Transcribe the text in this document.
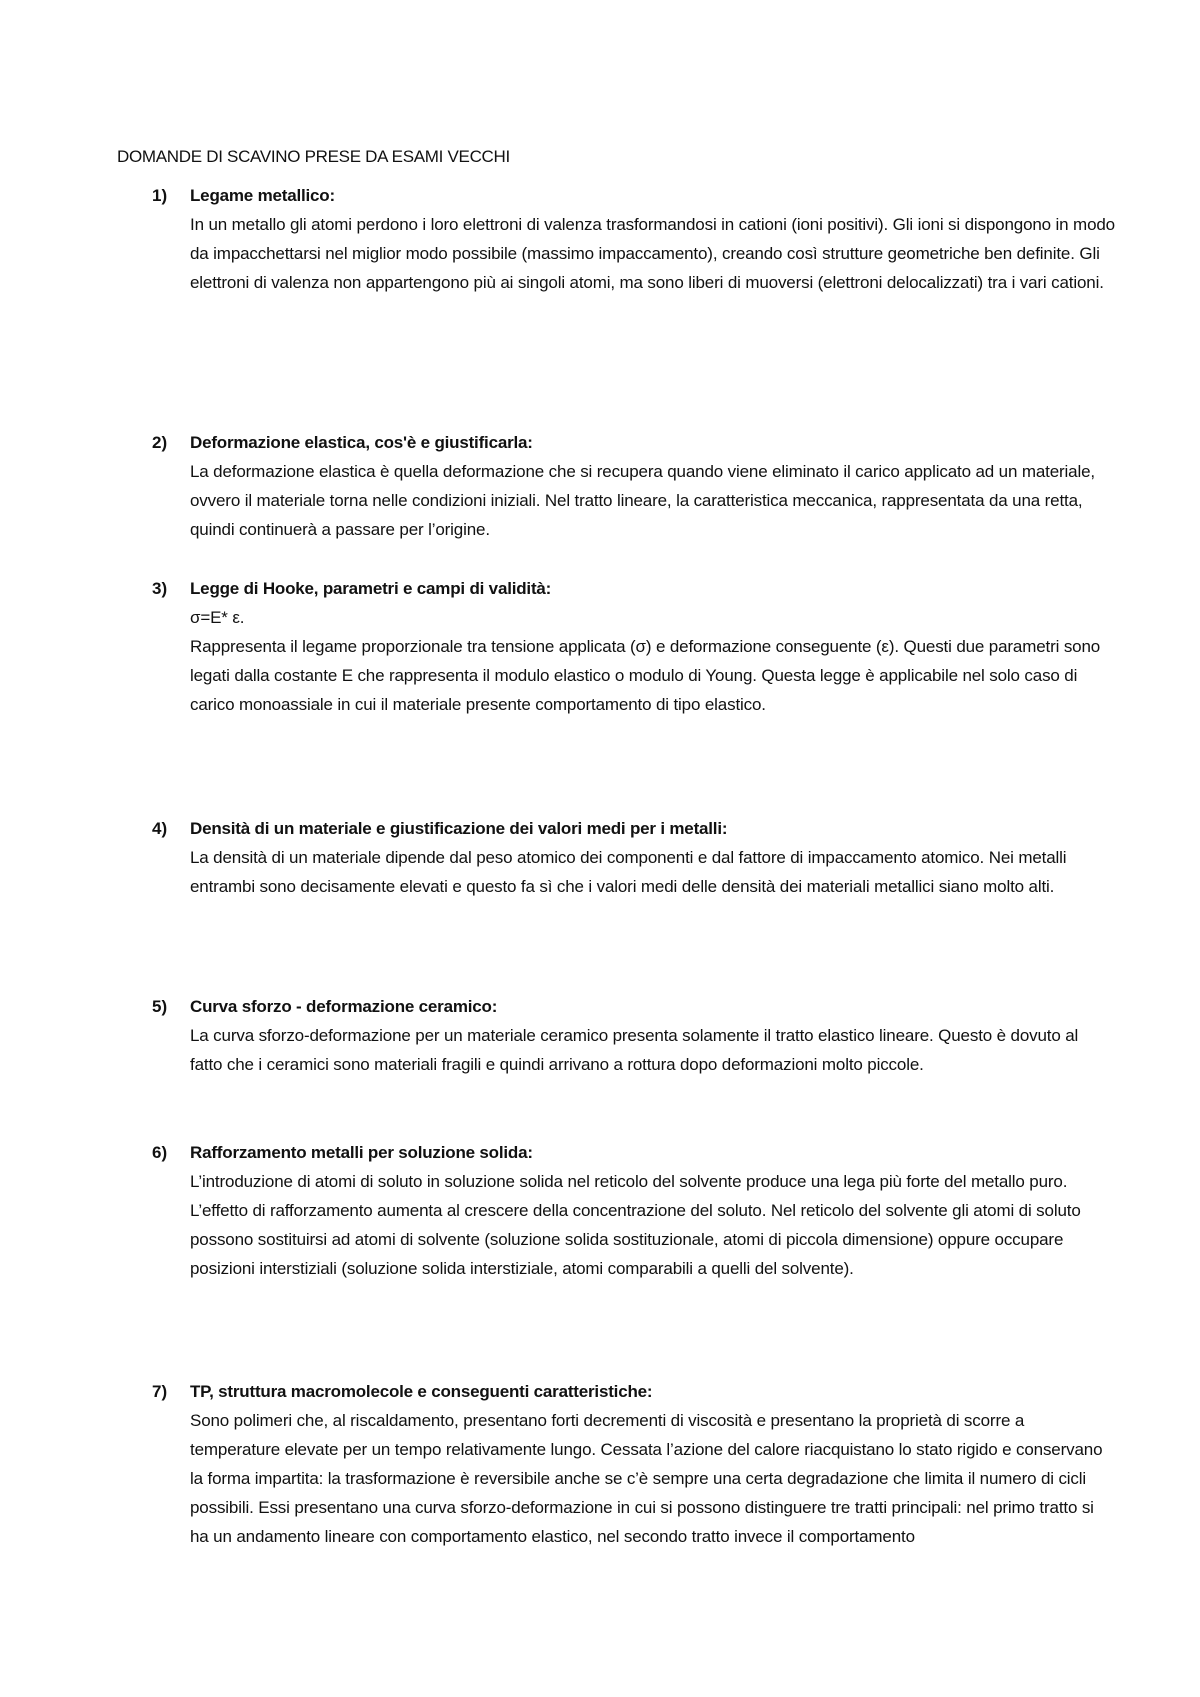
DOMANDE DI SCAVINO PRESE DA ESAMI VECCHI
1) Legame metallico:

In un metallo gli atomi perdono i loro elettroni di valenza trasformandosi in cationi (ioni positivi). Gli ioni si dispongono in modo da impacchettarsi nel miglior modo possibile (massimo impaccamento), creando così strutture geometriche ben definite. Gli elettroni di valenza non appartengono più ai singoli atomi, ma sono liberi di muoversi (elettroni delocalizzati) tra i vari cationi.

2) Deformazione elastica, cos'è e giustificarla:

La deformazione elastica è quella deformazione che si recupera quando viene eliminato il carico applicato ad un materiale, ovvero il materiale torna nelle condizioni iniziali. Nel tratto lineare, la caratteristica meccanica, rappresentata da una retta, quindi continuerà a passare per l’origine.

3) Legge di Hooke, parametri e campi di validità:

σ=E* ε.

Rappresenta il legame proporzionale tra tensione applicata (σ) e deformazione conseguente (ε). Questi due parametri sono legati dalla costante E che rappresenta il modulo elastico o modulo di Young. Questa legge è applicabile nel solo caso di carico monoassiale in cui il materiale presente comportamento di tipo elastico.

4) Densità di un materiale e giustificazione dei valori medi per i metalli:

La densità di un materiale dipende dal peso atomico dei componenti e dal fattore di impaccamento atomico. Nei metalli entrambi sono decisamente elevati e questo fa sì che i valori medi delle densità dei materiali metallici siano molto alti.

5) Curva sforzo - deformazione ceramico:

La curva sforzo-deformazione per un materiale ceramico presenta solamente il tratto elastico lineare. Questo è dovuto al fatto che i ceramici sono materiali fragili e quindi arrivano a rottura dopo deformazioni molto piccole.

6) Rafforzamento metalli per soluzione solida:

L’introduzione di atomi di soluto in soluzione solida nel reticolo del solvente produce una lega più forte del metallo puro. L’effetto di rafforzamento aumenta al crescere della concentrazione del soluto. Nel reticolo del solvente gli atomi di soluto possono sostituirsi ad atomi di solvente (soluzione solida sostituzionale, atomi di piccola dimensione) oppure occupare posizioni interstiziali (soluzione solida interstiziale, atomi comparabili a quelli del solvente).

7) TP, struttura macromolecole e conseguenti caratteristiche:

Sono polimeri che, al riscaldamento, presentano forti decrementi di viscosità e presentano la proprietà di scorre a temperature elevate per un tempo relativamente lungo. Cessata l’azione del calore riacquistano lo stato rigido e conservano la forma impartita: la trasformazione è reversibile anche se c’è sempre una certa degradazione che limita il numero di cicli possibili. Essi presentano una curva sforzo-deformazione in cui si possono distinguere tre tratti principali: nel primo tratto si ha un andamento lineare con comportamento elastico, nel secondo tratto invece il comportamento
